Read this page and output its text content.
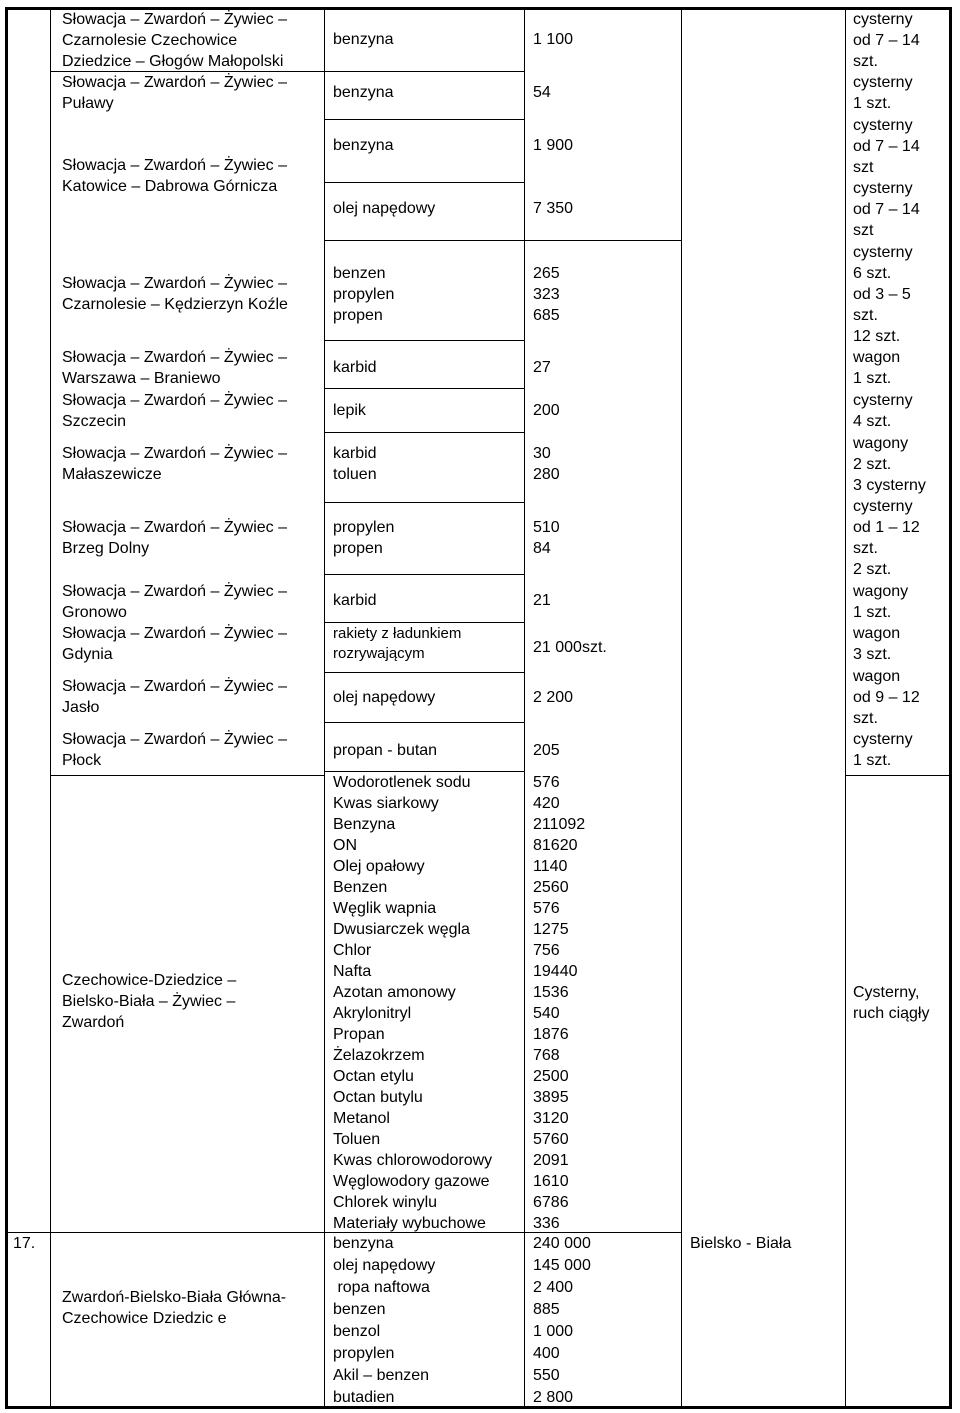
Słowacja – Zwardoń – Żywiec –
Czarnolesie Czechowice
Dziedzice – Głogów Małopolski
Słowacja – Zwardoń – Żywiec –
Puławy
Słowacja – Zwardoń – Żywiec –
Katowice – Dabrowa Górnicza
Słowacja – Zwardoń – Żywiec –
Czarnolesie – Kędzierzyn Koźle
Słowacja – Zwardoń – Żywiec –
Warszawa – Braniewo
Słowacja – Zwardoń – Żywiec –
Szczecin
Słowacja – Zwardoń – Żywiec –
Małaszewicze
Słowacja – Zwardoń – Żywiec –
Brzeg Dolny
Słowacja – Zwardoń – Żywiec –
Gronowo
Słowacja – Zwardoń – Żywiec –
Gdynia
Słowacja – Zwardoń – Żywiec –
Jasło
Słowacja – Zwardoń – Żywiec –
Płock
Czechowice-Dziedzice –
Bielsko-Biała – Żywiec –
Zwardoń
17.
Zwardoń-Bielsko-Biała Główna-
Czechowice Dziedzic e
benzyna
benzyna
benzyna
olej napędowy
benzen
propylen
propen
karbid
lepik
karbid
toluen
propylen
propen
karbid
rakiety z ładunkiem
rozrywającym
olej napędowy
propan - butan
1 100
54
1 900
7 350
265
323
685
27
200
30
280
510
84
21
21 000szt.
2 200
205
Wodorotlenek sodu
Kwas siarkowy
Benzyna
ON
Olej opałowy
Benzen
Węglik wapnia
Dwusiarczek węgla
Chlor
Nafta
Azotan amonowy
Akrylonitryl
Propan
Żelazokrzem
Octan etylu
Octan butylu
Metanol
Toluen
Kwas chlorowodorowy
Węglowodory gazowe
Chlorek winylu
Materiały wybuchowe
576
420
211092
81620
1140
2560
576
1275
756
19440
1536
540
1876
768
2500
3895
3120
5760
2091
1610
6786
336
benzyna
olej napędowy
ropa naftowa
benzen
benzol
propylen
Akil – benzen
butadien
240 000
145 000
2 400
885
1 000
400
550
2 800
Bielsko - Biała
cysterny
od 7 – 14
szt.
cysterny
1 szt.
cysterny
od 7 – 14
szt
cysterny
od 7 – 14
szt
cysterny
6 szt.
od 3 – 5
szt.
12 szt.
wagon
1 szt.
cysterny
4 szt.
wagony
2 szt.
3 cysterny
cysterny
od 1 – 12
szt.
2 szt.
wagony
1 szt.
wagon
3 szt.
wagon
od 9 – 12
szt.
cysterny
1 szt.
Cysterny,
ruch ciągły
